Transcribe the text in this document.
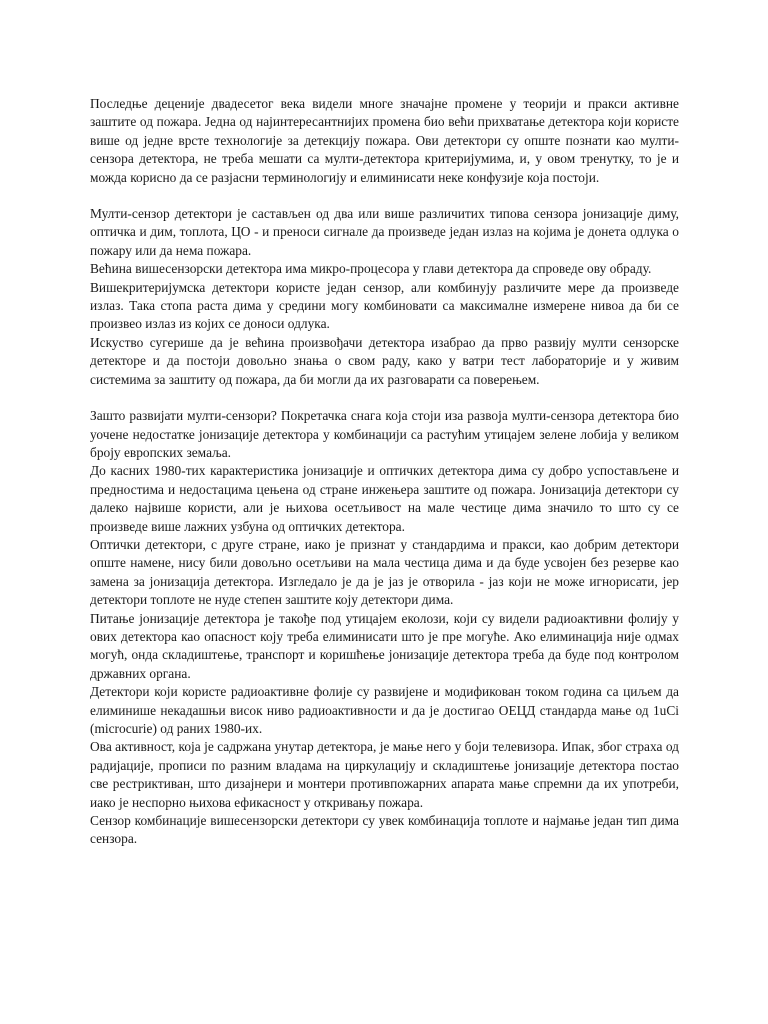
Последње деценије двадесетог века видели многе значајне промене у теорији и пракси активне заштите од пожара. Једна од најинтересантнијих промена био већи прихватање детектора који користе више од једне врсте технологије за детекцију пожара. Ови детектори су опште познати као мулти-сензора детектора, не треба мешати са мулти-детектора критеријумима, и, у овом тренутку, то је и можда корисно да се разјасни терминологију и елиминисати неке конфузије која постоји.

Мулти-сензор детектори је састављен од два или више различитих типова сензора јонизације диму, оптичка и дим, топлота, ЦО - и преноси сигнале да произведе један излаз на којима је донета одлука о пожару или да нема пожара.

Већина вишесензорски детектора има микро-процесора у глави детектора да спроведе ову обраду.

Вишекритеријумска детектори користе један сензор, али комбинују различите мере да произведе излаз. Така стопа раста дима у средини могу комбиновати са максималне измерене нивоа да би се произвео излаз из којих се доноси одлука.

Искуство сугерише да је већина произвођачи детектора изабрао да прво развију мулти сензорске детекторе и да постоји довољно знања о свом раду, како у ватри тест лабораторије и у живим системима за заштиту од пожара, да би могли да их разговарати са поверењем.

Зашто развијати мулти-сензори? Покретачка снага која стоји иза развоја мулти-сензора детектора био уочене недостатке јонизације детектора у комбинацији са растућим утицајем зелене лобија у великом броју европских земаља.

До касних 1980-тих карактеристика јонизације и оптичких детектора дима су добро успостављене и предностима и недостацима цењена од стране инжењера заштите од пожара. Јонизација детектори су далеко највише користи, али је њихова осетљивост на мале честице дима значило то што су се произведе више лажних узбуна од оптичких детектора.

Оптички детектори, с друге стране, иако је признат у стандардима и пракси, као добрим детектори опште намене, нису били довољно осетљиви на мала честица дима и да буде усвојен без резерве као замена за јонизација детектора. Изгледало је да је јаз је отворила - јаз који не може игнорисати, јер детектори топлоте не нуде степен заштите коју детектори дима.

Питање јонизације детектора је такође под утицајем еколози, који су видели радиоактивни фолију у ових детектора као опасност коју треба елиминисати што је пре могуће. Ако елиминација није одмах могућ, онда складиштење, транспорт и коришћење јонизације детектора треба да буде под контролом државних органа.

Детектори који користе радиоактивне фолије су развијене и модификован током година са циљем да елиминише некадашњи висок ниво радиоактивности и да је достигао ОЕЦД стандарда мање од 1uCi (microcurie) од раних 1980-их.

Ова активност, која је садржана унутар детектора, је мање него у боји телевизора. Ипак, због страха од радијације, прописи по разним владама на циркулацију и складиштење јонизације детектора постао све рестриктиван, што дизајнери и монтери противпожарних апарата мање спремни да их употреби, иако је неспорно њихова ефикасност у откривању пожара.

Сензор комбинације вишесензорски детектори су увек комбинација топлоте и најмање један тип дима сензора.
